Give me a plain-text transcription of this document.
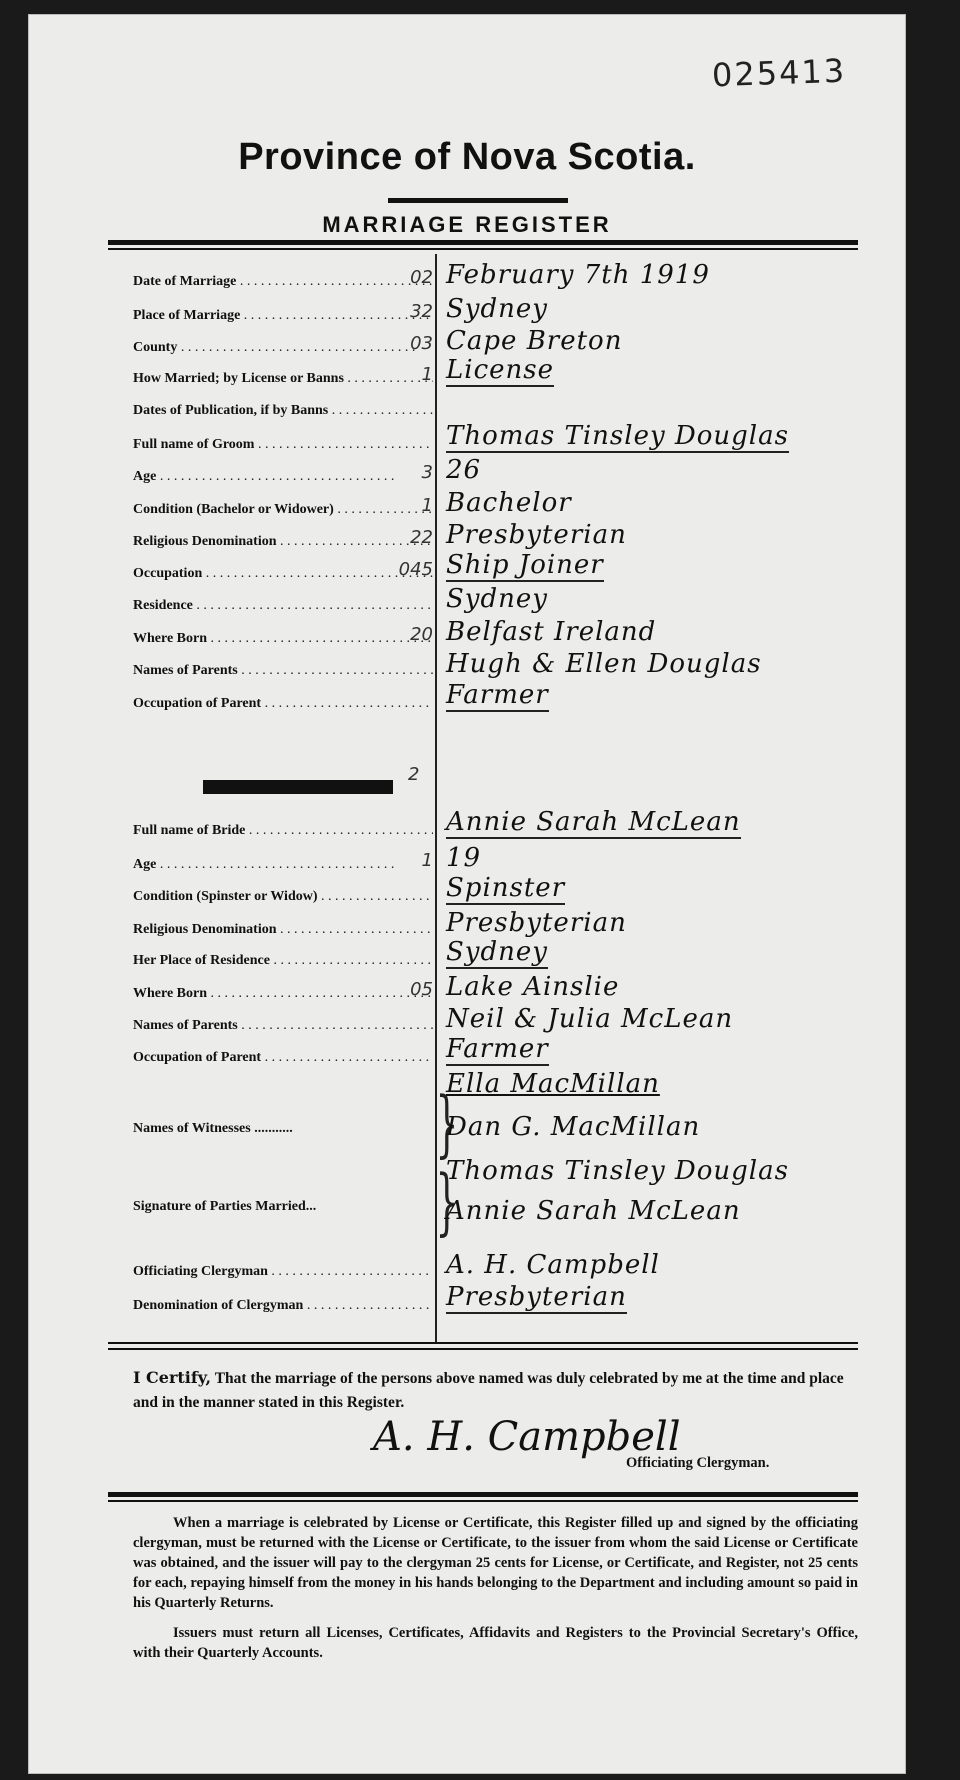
025413
Province of Nova Scotia.
MARRIAGE REGISTER
Date of Marriage . . .	02 February 7th 1919
Place of Marriage . . .	32 Sydney
County . . .	03 Cape Breton
How Married; by License or Banns . . .	1 License
Dates of Publication, if by Banns . . .
Full name of Groom . . .	Thomas Tinsley Douglas
Age . . .	3 26
Condition (Bachelor or Widower) . . .	1 Bachelor
Religious Denomination . . .	22 Presbyterian
Occupation . . .	045 Ship Joiner
Residence . . .	Sydney
Where Born . . .	20 Belfast Ireland
Names of Parents . . .	Hugh & Ellen Douglas
Occupation of Parent . . .	Farmer
2
Full name of Bride . . .	Annie Sarah McLean
Age . . .	1 19
Condition (Spinster or Widow) . . .	Spinster
Religious Denomination . . .	Presbyterian
Her Place of Residence . . .	Sydney
Where Born . . .	05 Lake Ainslie
Names of Parents . . .	Neil & Julia McLean
Occupation of Parent . . .	Farmer
Names of Witnesses ........... }
Ella MacMillan
Dan G. MacMillan
Signature of Parties Married... }
Thomas Tinsley Douglas
Annie Sarah McLean
Officiating Clergyman . . .	A. H. Campbell
Denomination of Clergyman . . .	Presbyterian
I Certify, That the marriage of the persons above named was duly celebrated by me at the time and place and in the manner stated in this Register.
A. H. Campbell
Officiating Clergyman.

When a marriage is celebrated by License or Certificate, this Register filled up and signed by the officiating clergyman, must be returned with the License or Certificate, to the issuer from whom the said License or Certificate was obtained, and the issuer will pay to the clergyman 25 cents for License, or Certificate, and Register, not 25 cents for each, repaying himself from the money in his hands belonging to the Department and including amount so paid in his Quarterly Returns.

Issuers must return all Licenses, Certificates, Affidavits and Registers to the Provincial Secretary's Office, with their Quarterly Accounts.
